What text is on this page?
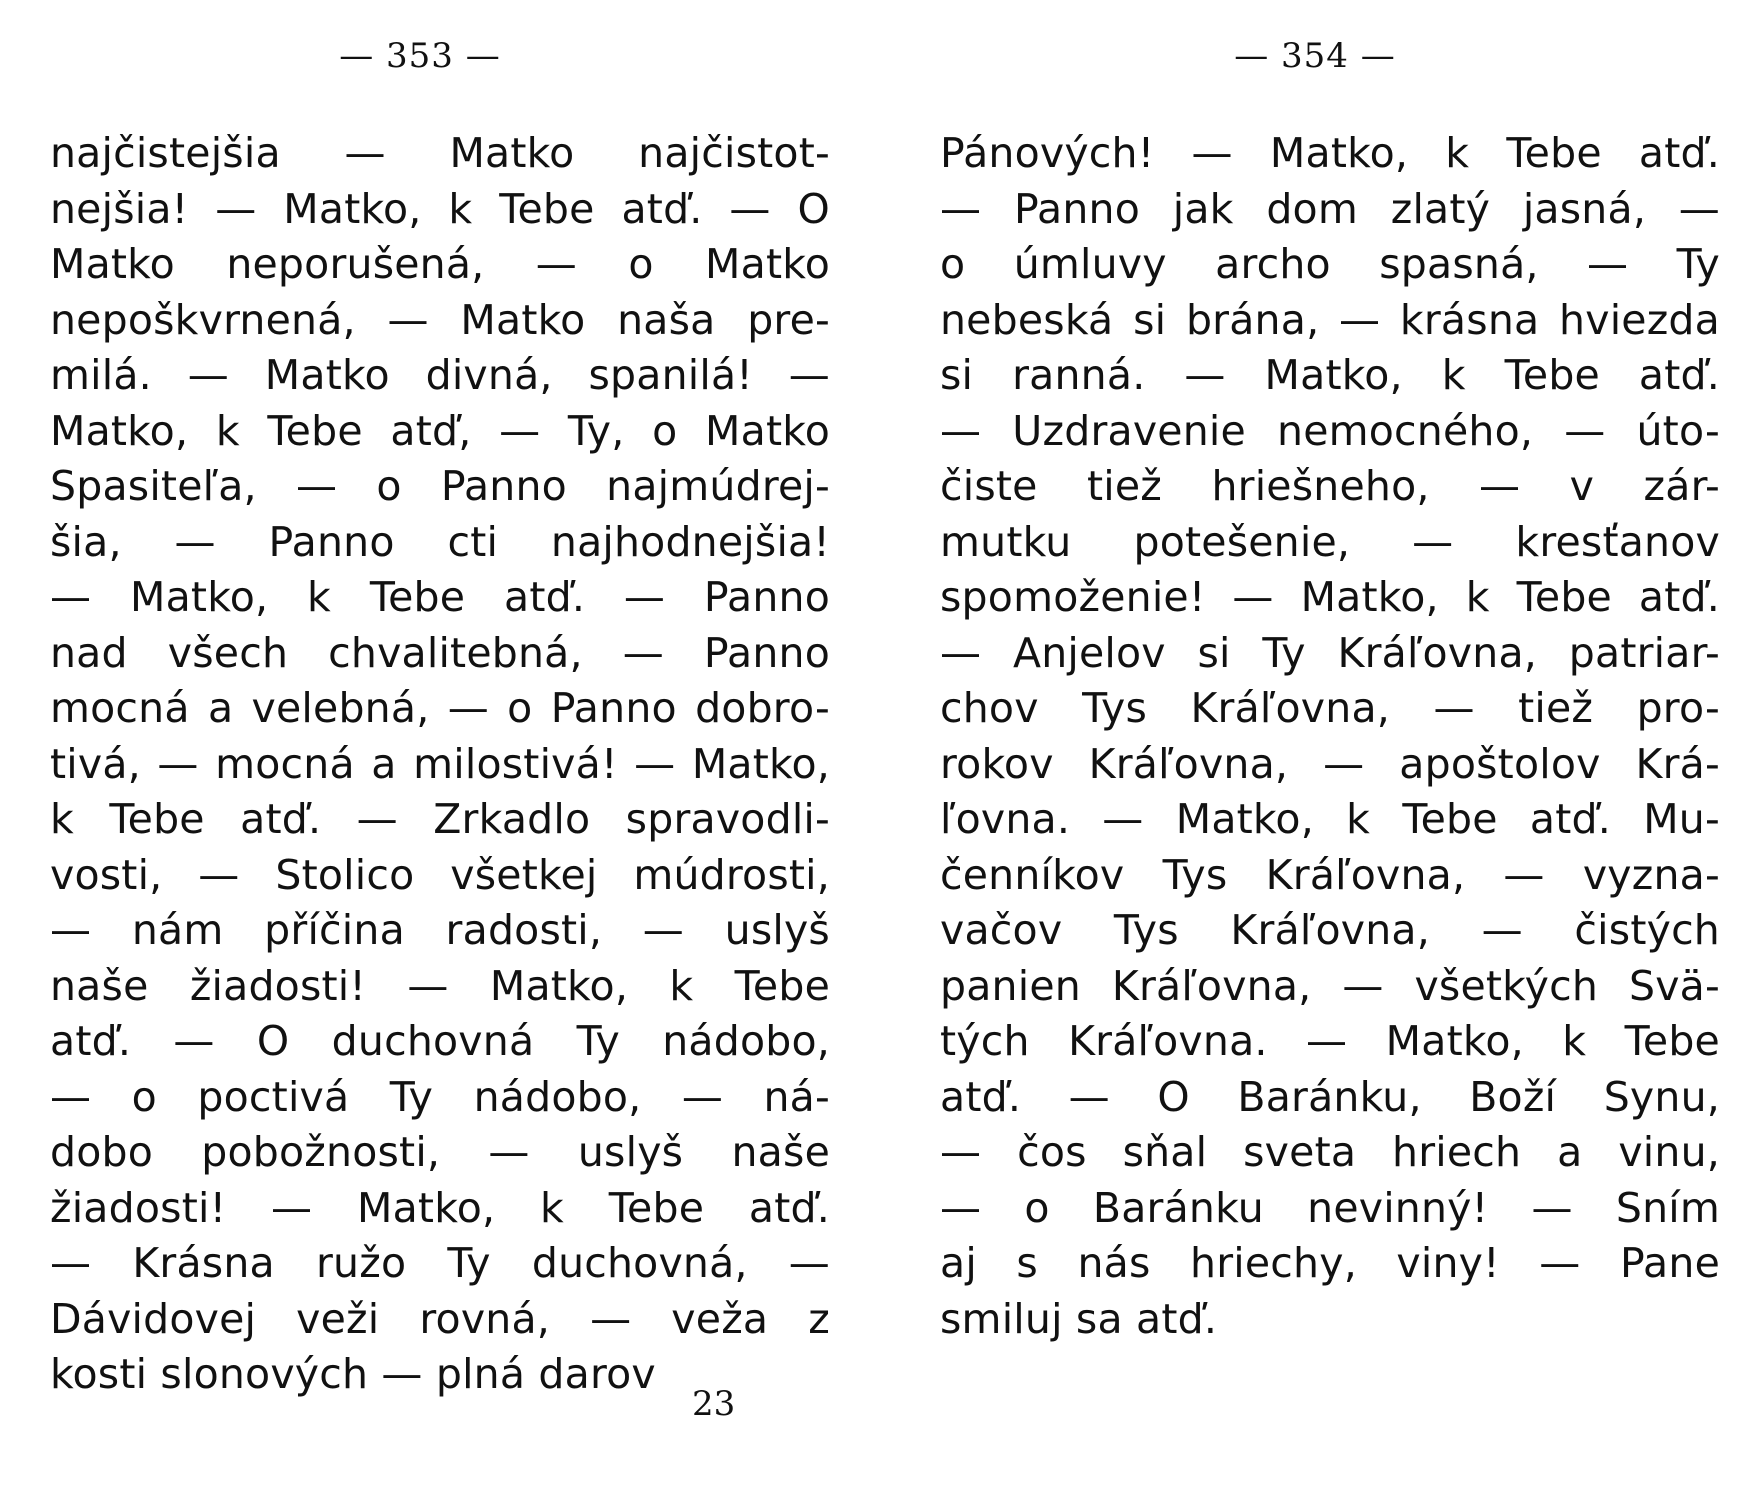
— 353 —
najčistejšia — Matko najčistot-
nejšia! — Matko, k Tebe atď. — O
Matko neporušená, — o Matko
nepoškvrnená, — Matko naša pre-
milá. — Matko divná, spanilá! —
Matko, k Tebe atď, — Ty, o Matko
Spasiteľa, — o Panno najmúdrej-
šia, — Panno cti najhodnejšia!
— Matko, k Tebe atď. — Panno
nad všech chvalitebná, — Panno
mocná a velebná, — o Panno dobro-
tivá, — mocná a milostivá! — Matko,
k Tebe atď. — Zrkadlo spravodli-
vosti, — Stolico všetkej múdrosti,
— nám příčina radosti, — uslyš
naše žiadosti! — Matko, k Tebe
atď. — O duchovná Ty nádobo,
— o poctivá Ty nádobo, — ná-
dobo pobožnosti, — uslyš naše
žiadosti! — Matko, k Tebe atď.
— Krásna ružo Ty duchovná, —
Dávidovej veži rovná, — veža z
kosti slonových — plná darov
— 354 —
Pánových! — Matko, k Tebe atď.
— Panno jak dom zlatý jasná, —
o úmluvy archo spasná, — Ty
nebeská si brána, — krásna hviezda
si ranná. — Matko, k Tebe atď.
— Uzdravenie nemocného, — úto-
čiste tiež hriešneho, — v zár-
mutku potešenie, — kresťanov
spomoženie! — Matko, k Tebe atď.
— Anjelov si Ty Kráľovna, patriar-
chov Tys Kráľovna, — tiež pro-
rokov Kráľovna, — apoštolov Krá-
ľovna. — Matko, k Tebe atď. Mu-
čenníkov Tys Kráľovna, — vyzna-
vačov Tys Kráľovna, — čistých
panien Kráľovna, — všetkých Svä-
tých Kráľovna. — Matko, k Tebe
atď. — O Baránku, Boží Synu,
— čos sňal sveta hriech a vinu,
— o Baránku nevinný! — Sním
aj s nás hriechy, viny! — Pane
smiluj sa atď.
23
